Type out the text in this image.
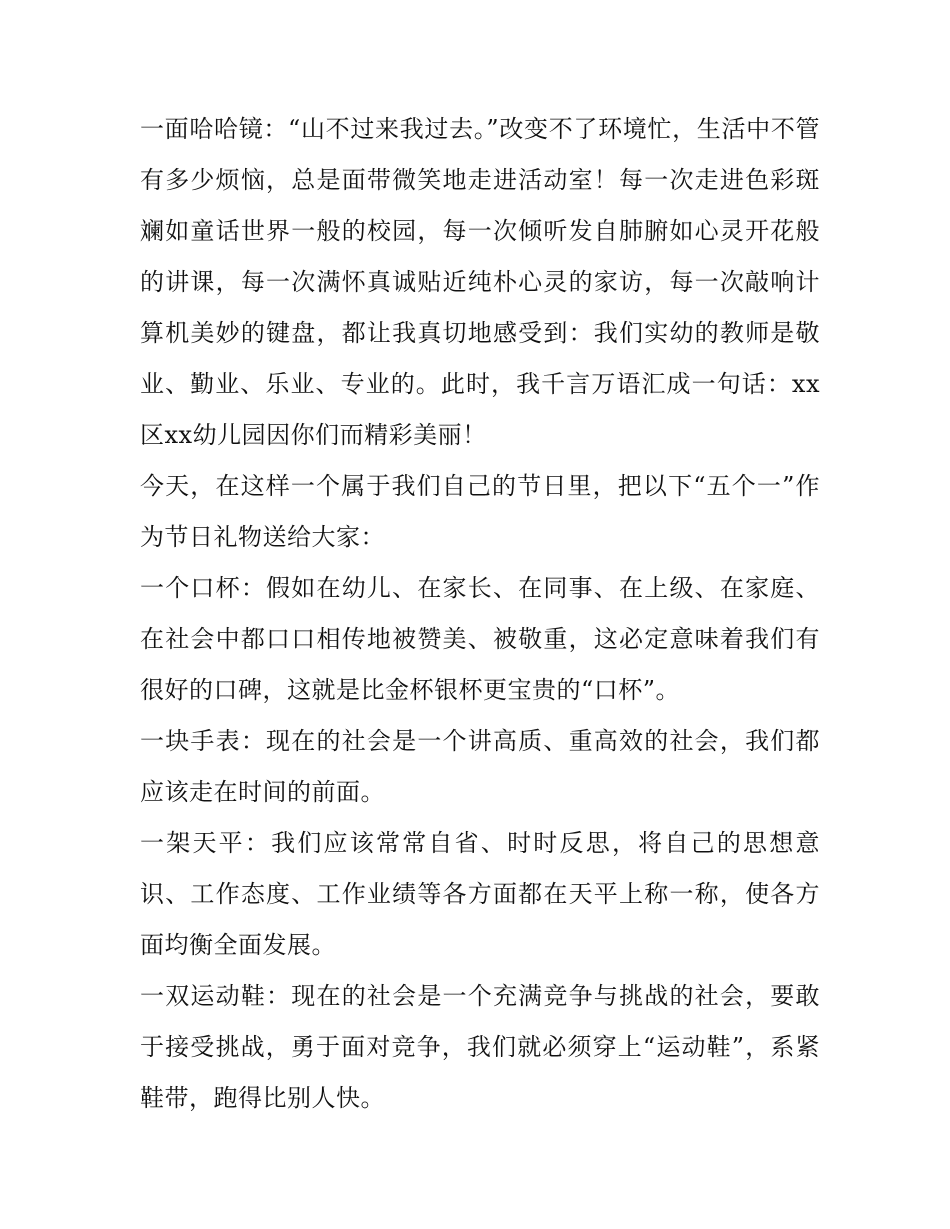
一面哈哈镜：“山不过来我过去。”改变不了环境忙，生活中不管有多少烦恼，总是面带微笑地走进活动室！每一次走进色彩斑斓如童话世界一般的校园，每一次倾听发自肺腑如心灵开花般的讲课，每一次满怀真诚贴近纯朴心灵的家访，每一次敲响计算机美妙的键盘，都让我真切地感受到：我们实幼的教师是敬业、勤业、乐业、专业的。此时，我千言万语汇成一句话：xx区xx幼儿园因你们而精彩美丽！

今天，在这样一个属于我们自己的节日里，把以下“五个一”作为节日礼物送给大家：

一个口杯：假如在幼儿、在家长、在同事、在上级、在家庭、在社会中都口口相传地被赞美、被敬重，这必定意味着我们有很好的口碑，这就是比金杯银杯更宝贵的“口杯”。

一块手表：现在的社会是一个讲高质、重高效的社会，我们都应该走在时间的前面。

一架天平：我们应该常常自省、时时反思，将自己的思想意识、工作态度、工作业绩等各方面都在天平上称一称，使各方面均衡全面发展。

一双运动鞋：现在的社会是一个充满竞争与挑战的社会，要敢于接受挑战，勇于面对竞争，我们就必须穿上“运动鞋”，系紧鞋带，跑得比别人快。
